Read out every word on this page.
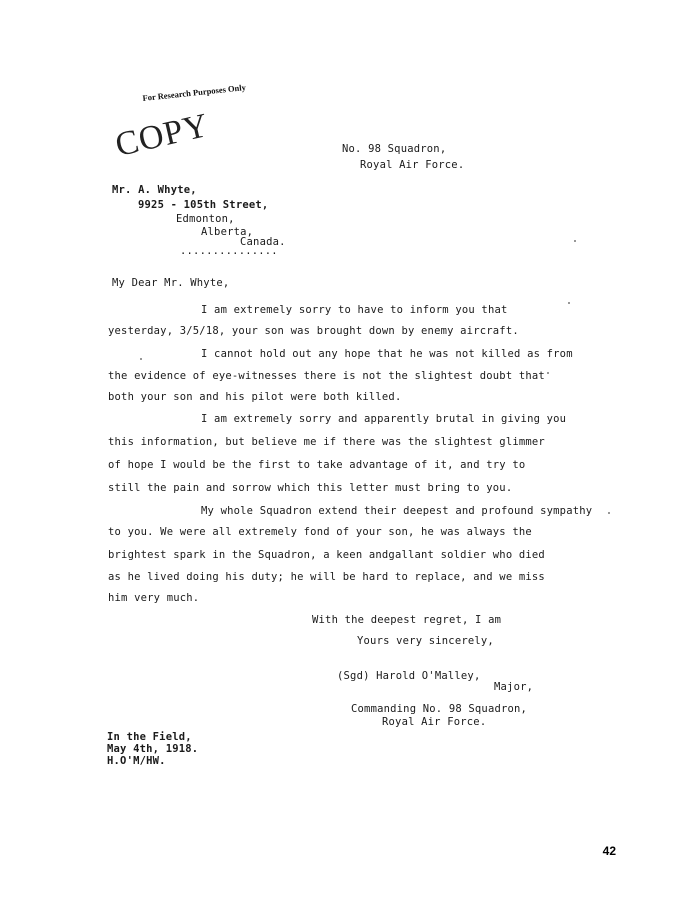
For Research Purposes Only
COPY	No. 98 Squadron,
Royal Air Force.
Mr. A. Whyte,
9925 - 105th Street,
Edmonton,
Alberta,
Canada.
...............
My Dear Mr. Whyte,
I am extremely sorry to have to inform you that
yesterday, 3/5/18, your son was brought down by enemy aircraft.
I cannot hold out any hope that he was not killed as from
the evidence of eye-witnesses there is not the slightest doubt that
both your son and his pilot were both killed.
I am extremely sorry and apparently brutal in giving you
this information, but believe me if there was the slightest glimmer
of hope I would be the first to take advantage of it, and try to
still the pain and sorrow which this letter must bring to you.
My whole Squadron extend their deepest and profound sympathy
to you. We were all extremely fond of your son, he was always the
brightest spark in the Squadron, a keen andgallant soldier who died
as he lived doing his duty; he will be hard to replace, and we miss
him very much.
With the deepest regret, I am
Yours very sincerely,
(Sgd) Harold O'Malley,
Major,
Commanding No. 98 Squadron,
Royal Air Force.
In the Field,
May 4th, 1918.
H.O'M/HW.
42
